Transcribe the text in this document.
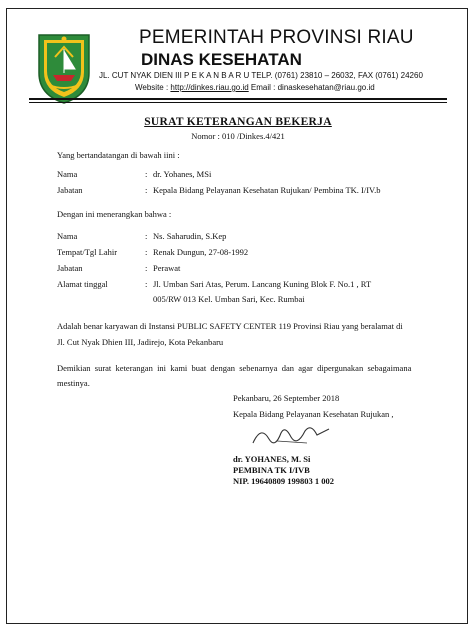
PEMERINTAH PROVINSI RIAU
DINAS KESEHATAN
JL. CUT NYAK DIEN III P E K A N B A R U TELP. (0761) 23810 – 26032, FAX (0761) 24260
Website : http://dinkes.riau.go.id Email : dinaskesehatan@riau.go.id
SURAT KETERANGAN BEKERJA
Nomor : 010 /Dinkes.4/421
Yang bertandatangan di bawah iini :
Nama	: dr. Yohanes, MSi
Jabatan	: Kepala Bidang Pelayanan Kesehatan Rujukan/ Pembina TK. I/IV.b
Dengan ini menerangkan bahwa :
Nama	: Ns. Saharudin, S.Kep
Tempat/Tgl Lahir	: Renak Dungun, 27-08-1992
Jabatan	: Perawat
Alamat tinggal	: Jl. Umban Sari Atas, Perum. Lancang Kuning Blok F. No.1 , RT
005/RW 013 Kel. Umban Sari, Kec. Rumbai
Adalah benar karyawan di Instansi PUBLIC SAFETY CENTER 119 Provinsi Riau yang beralamat di
Jl. Cut Nyak Dhien III, Jadirejo, Kota Pekanbaru
Demikian  surat  keterangan  ini  kami  buat  dengan  sebenarnya  dan  agar  dipergunakan  sebagaimana
mestinya.
Pekanbaru, 26 September 2018
Kepala Bidang Pelayanan Kesehatan Rujukan ,
dr. YOHANES, M. Si
PEMBINA TK I/IVB
NIP. 19640809 199803 1 002
